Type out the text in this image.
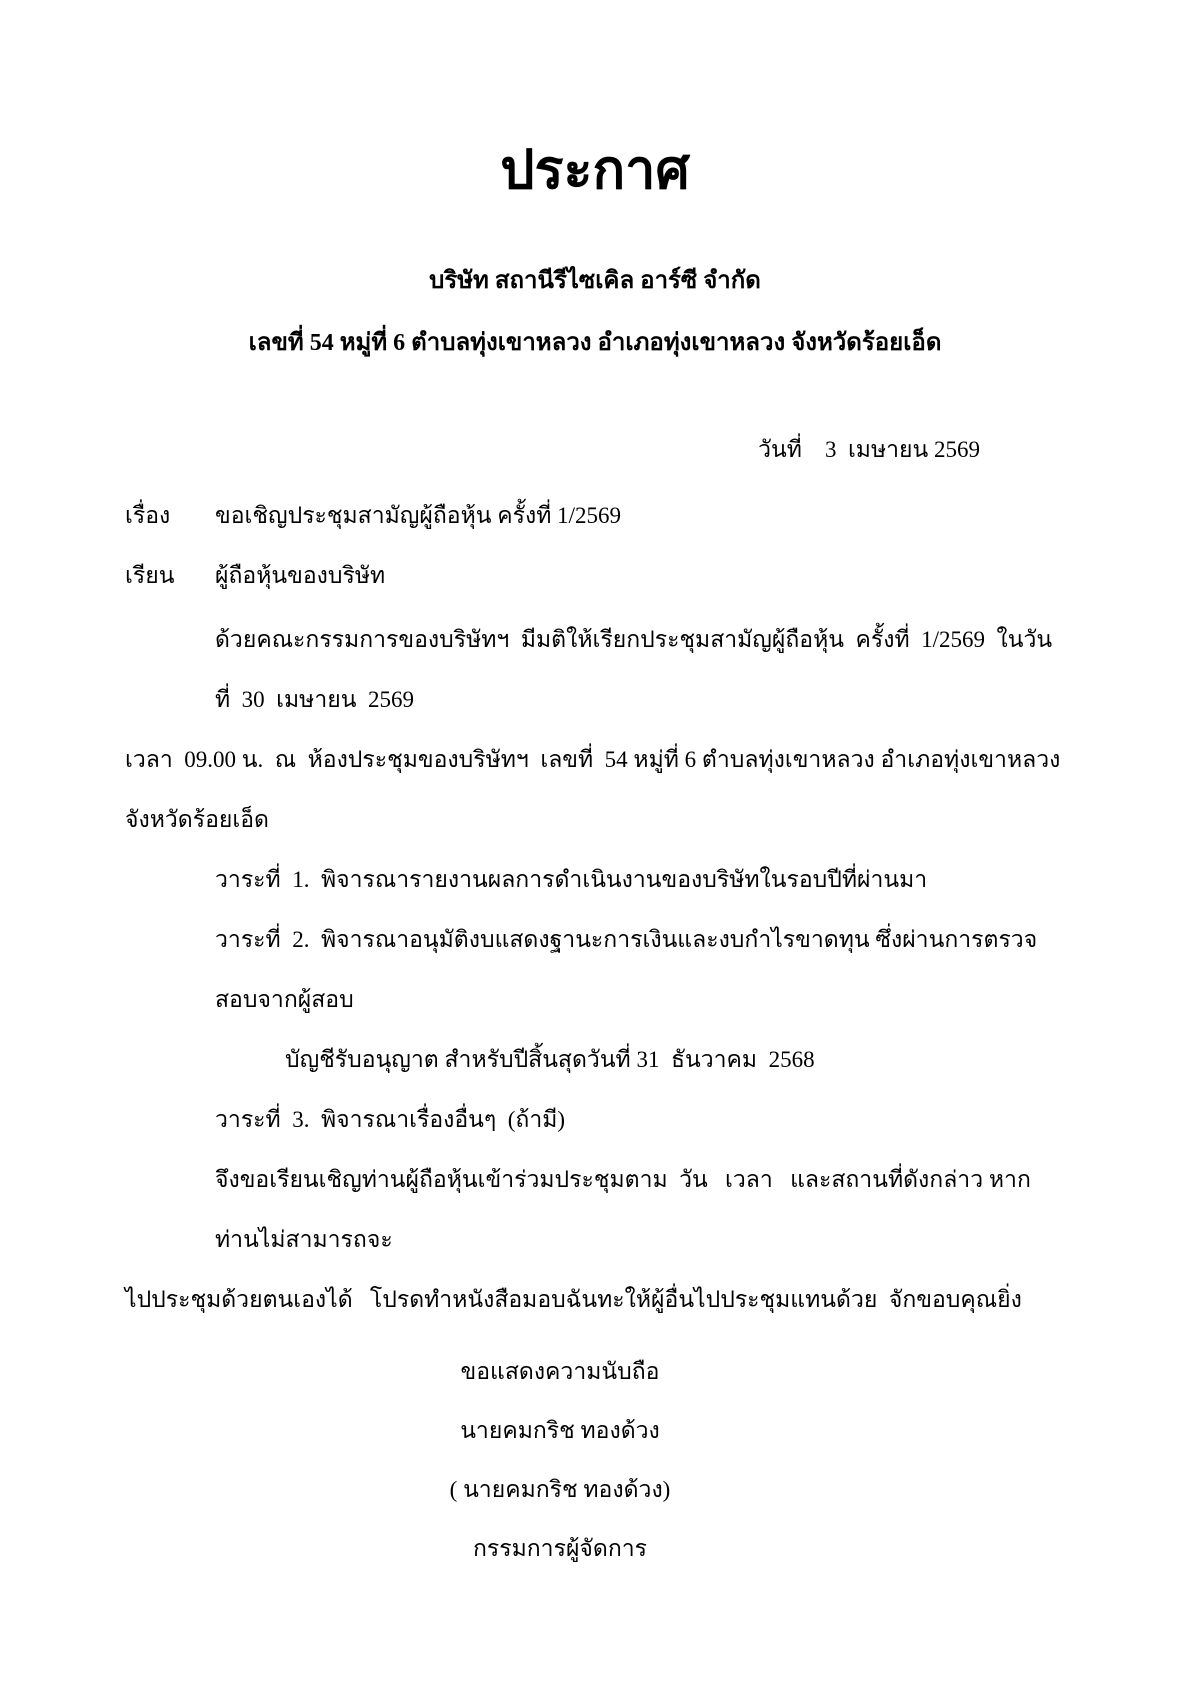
ประกาศ
บริษัท สถานีรีไซเคิล อาร์ซี จำกัด
เลขที่ 54 หมู่ที่ 6 ตำบลทุ่งเขาหลวง อำเภอทุ่งเขาหลวง จังหวัดร้อยเอ็ด
วันที่    3  เมษายน 2569
เรื่อง	ขอเชิญประชุมสามัญผู้ถือหุ้น ครั้งที่ 1/2569
เรียน	ผู้ถือหุ้นของบริษัท
ด้วยคณะกรรมการของบริษัทฯ  มีมติให้เรียกประชุมสามัญผู้ถือหุ้น  ครั้งที่  1/2569  ในวันที่  30  เมษายน  2569
เวลา  09.00 น.  ณ  ห้องประชุมของบริษัทฯ  เลขที่  54 หมู่ที่ 6 ตำบลทุ่งเขาหลวง อำเภอทุ่งเขาหลวง จังหวัดร้อยเอ็ด
วาระที่  1.  พิจารณารายงานผลการดำเนินงานของบริษัทในรอบปีที่ผ่านมา
วาระที่  2.  พิจารณาอนุมัติงบแสดงฐานะการเงินและงบกำไรขาดทุน ซึ่งผ่านการตรวจสอบจากผู้สอบ
บัญชีรับอนุญาต สำหรับปีสิ้นสุดวันที่ 31  ธันวาคม  2568
วาระที่  3.  พิจารณาเรื่องอื่นๆ  (ถ้ามี)
จึงขอเรียนเชิญท่านผู้ถือหุ้นเข้าร่วมประชุมตาม  วัน   เวลา   และสถานที่ดังกล่าว หากท่านไม่สามารถจะ
ไปประชุมด้วยตนเองได้   โปรดทำหนังสือมอบฉันทะให้ผู้อื่นไปประชุมแทนด้วย  จักขอบคุณยิ่ง
ขอแสดงความนับถือ
นายคมกริช ทองด้วง
( นายคมกริช ทองด้วง)
กรรมการผู้จัดการ
